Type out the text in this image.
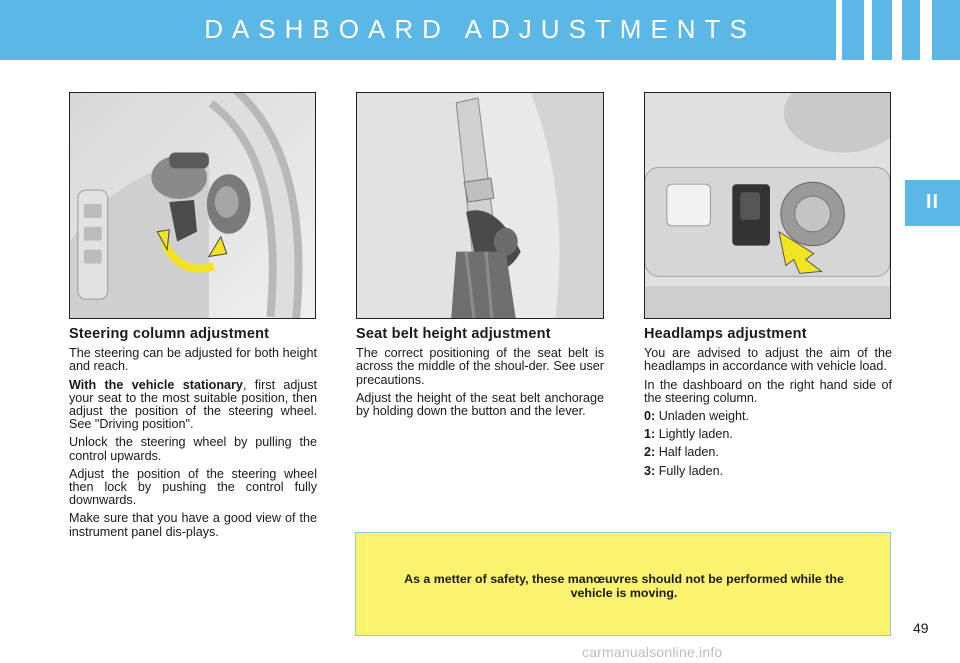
DASHBOARD ADJUSTMENTS
II
Steering column adjustment

The steering can be adjusted for both height and reach.

With the vehicle stationary, first adjust your seat to the most suitable position, then adjust the position of the steering wheel. See "Driving position".

Unlock the steering wheel by pulling the control upwards.

Adjust the position of the steering wheel then lock by pushing the control fully downwards.

Make sure that you have a good view of the instrument panel dis-plays.

Seat belt height adjustment

The correct positioning of the seat belt is across the middle of the shoul-der. See user precautions.

Adjust the height of the seat belt anchorage by holding down the button and the lever.

Headlamps adjustment

You are advised to adjust the aim of the headlamps in accordance with vehicle load.

In the dashboard on the right hand side of the steering column.

0: Unladen weight.
1: Lightly laden.
2: Half laden.
3: Fully laden.
As a metter of safety, these manœuvres should not be performed while the vehicle is moving.
49
carmanualsonline.info
